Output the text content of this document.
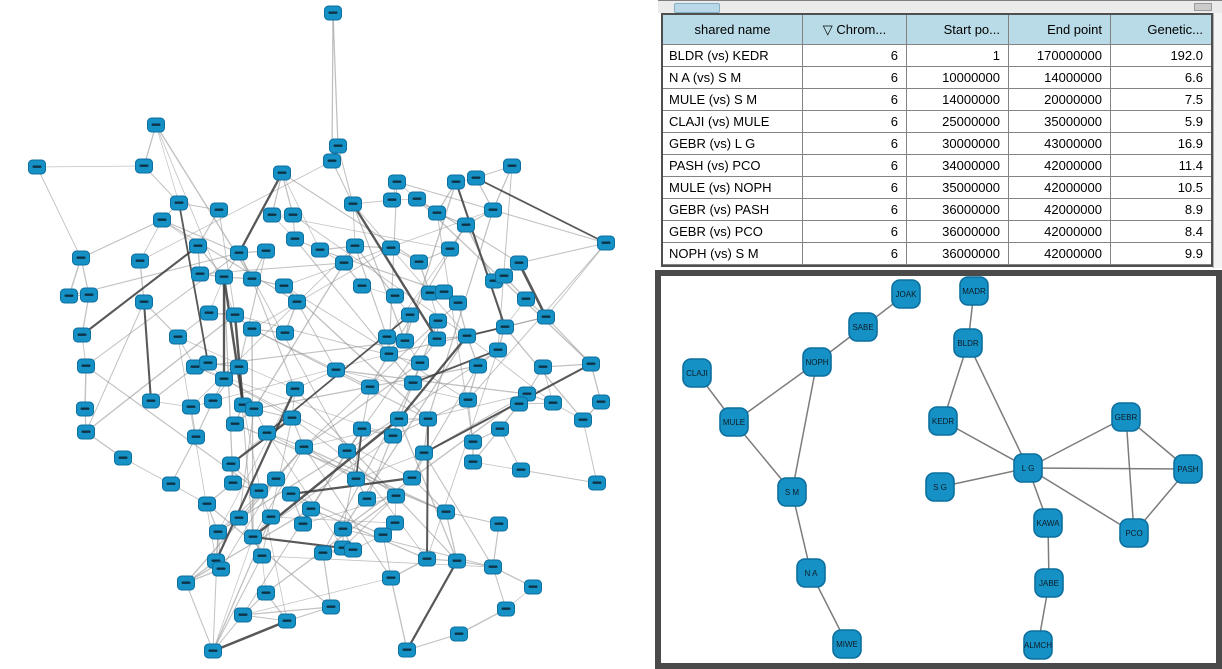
shared name	▽ Chrom...	Start po...	End point	Genetic...
BLDR (vs) KEDR	6	1	170000000	192.0
N A (vs) S M	6	10000000	14000000	6.6
MULE (vs) S M	6	14000000	20000000	7.5
CLAJI (vs) MULE	6	25000000	35000000	5.9
GEBR (vs) L G	6	30000000	43000000	16.9
PASH (vs) PCO	6	34000000	42000000	11.4
MULE (vs) NOPH	6	35000000	42000000	10.5
GEBR (vs) PASH	6	36000000	42000000	8.9
GEBR (vs) PCO	6	36000000	42000000	8.4
NOPH (vs) S M	6	36000000	42000000	9.9
JOAK	MADR
SABE
BLDR
NOPH
CLAJI
MULE	KEDR	GEBR
L G	PASH
S G
S M
KAWA
PCO
N A
JABE
MIWE	ALMCH
